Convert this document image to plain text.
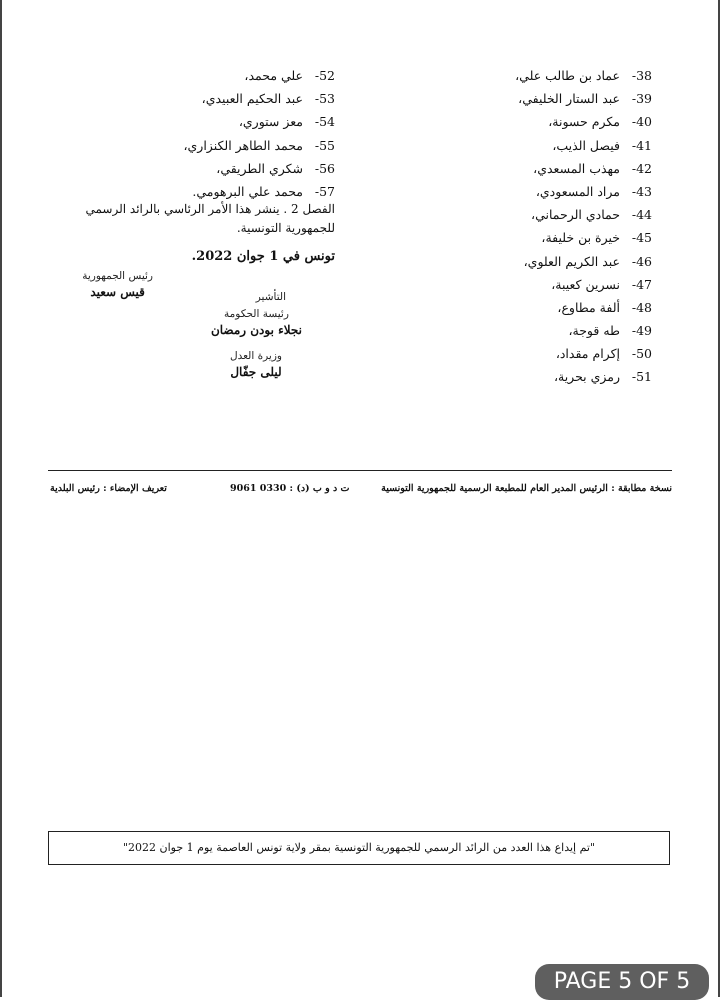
38-عماد بن طالب علي،
39-عبد الستار الخليفي،
40-مكرم حسونة،
41-فيصل الذيب،
42-مهذب المسعدي،
43-مراد المسعودي،
44-حمادي الرحماني،
45-خيرة بن خليفة،
46-عبد الكريم العلوي،
47-نسرين كعيبة،
48-ألفة مطاوع،
49-طه قوجة،
50-إكرام مقداد،
51-رمزي بحرية،
52-علي محمد،
53-عبد الحكيم العبيدي،
54-معز ستوري،
55-محمد الطاهر الكنزاري،
56-شكري الطريقي،
57-محمد علي البرهومي.
الفصل 2 . ينشر هذا الأمر الرئاسي بالرائد الرسمي للجمهورية التونسية.
تونس في 1 جوان 2022.
رئيس الجمهورية
قيس سعيد	التأشير
رئيسة الحكومة
نجلاء بودن رمضان
وزيرة العدل
ليلى جفّال
نسخة مطابقة : الرئيس المدير العام للمطبعة الرسمية للجمهورية التونسية
ت د و ب (د) : 0330 9061
تعريف الإمضاء : رئيس البلدية
"تم إيداع هذا العدد من الرائد الرسمي للجمهورية التونسية بمقر ولاية تونس العاصمة يوم 1 جوان 2022"
PAGE 5 OF 5
